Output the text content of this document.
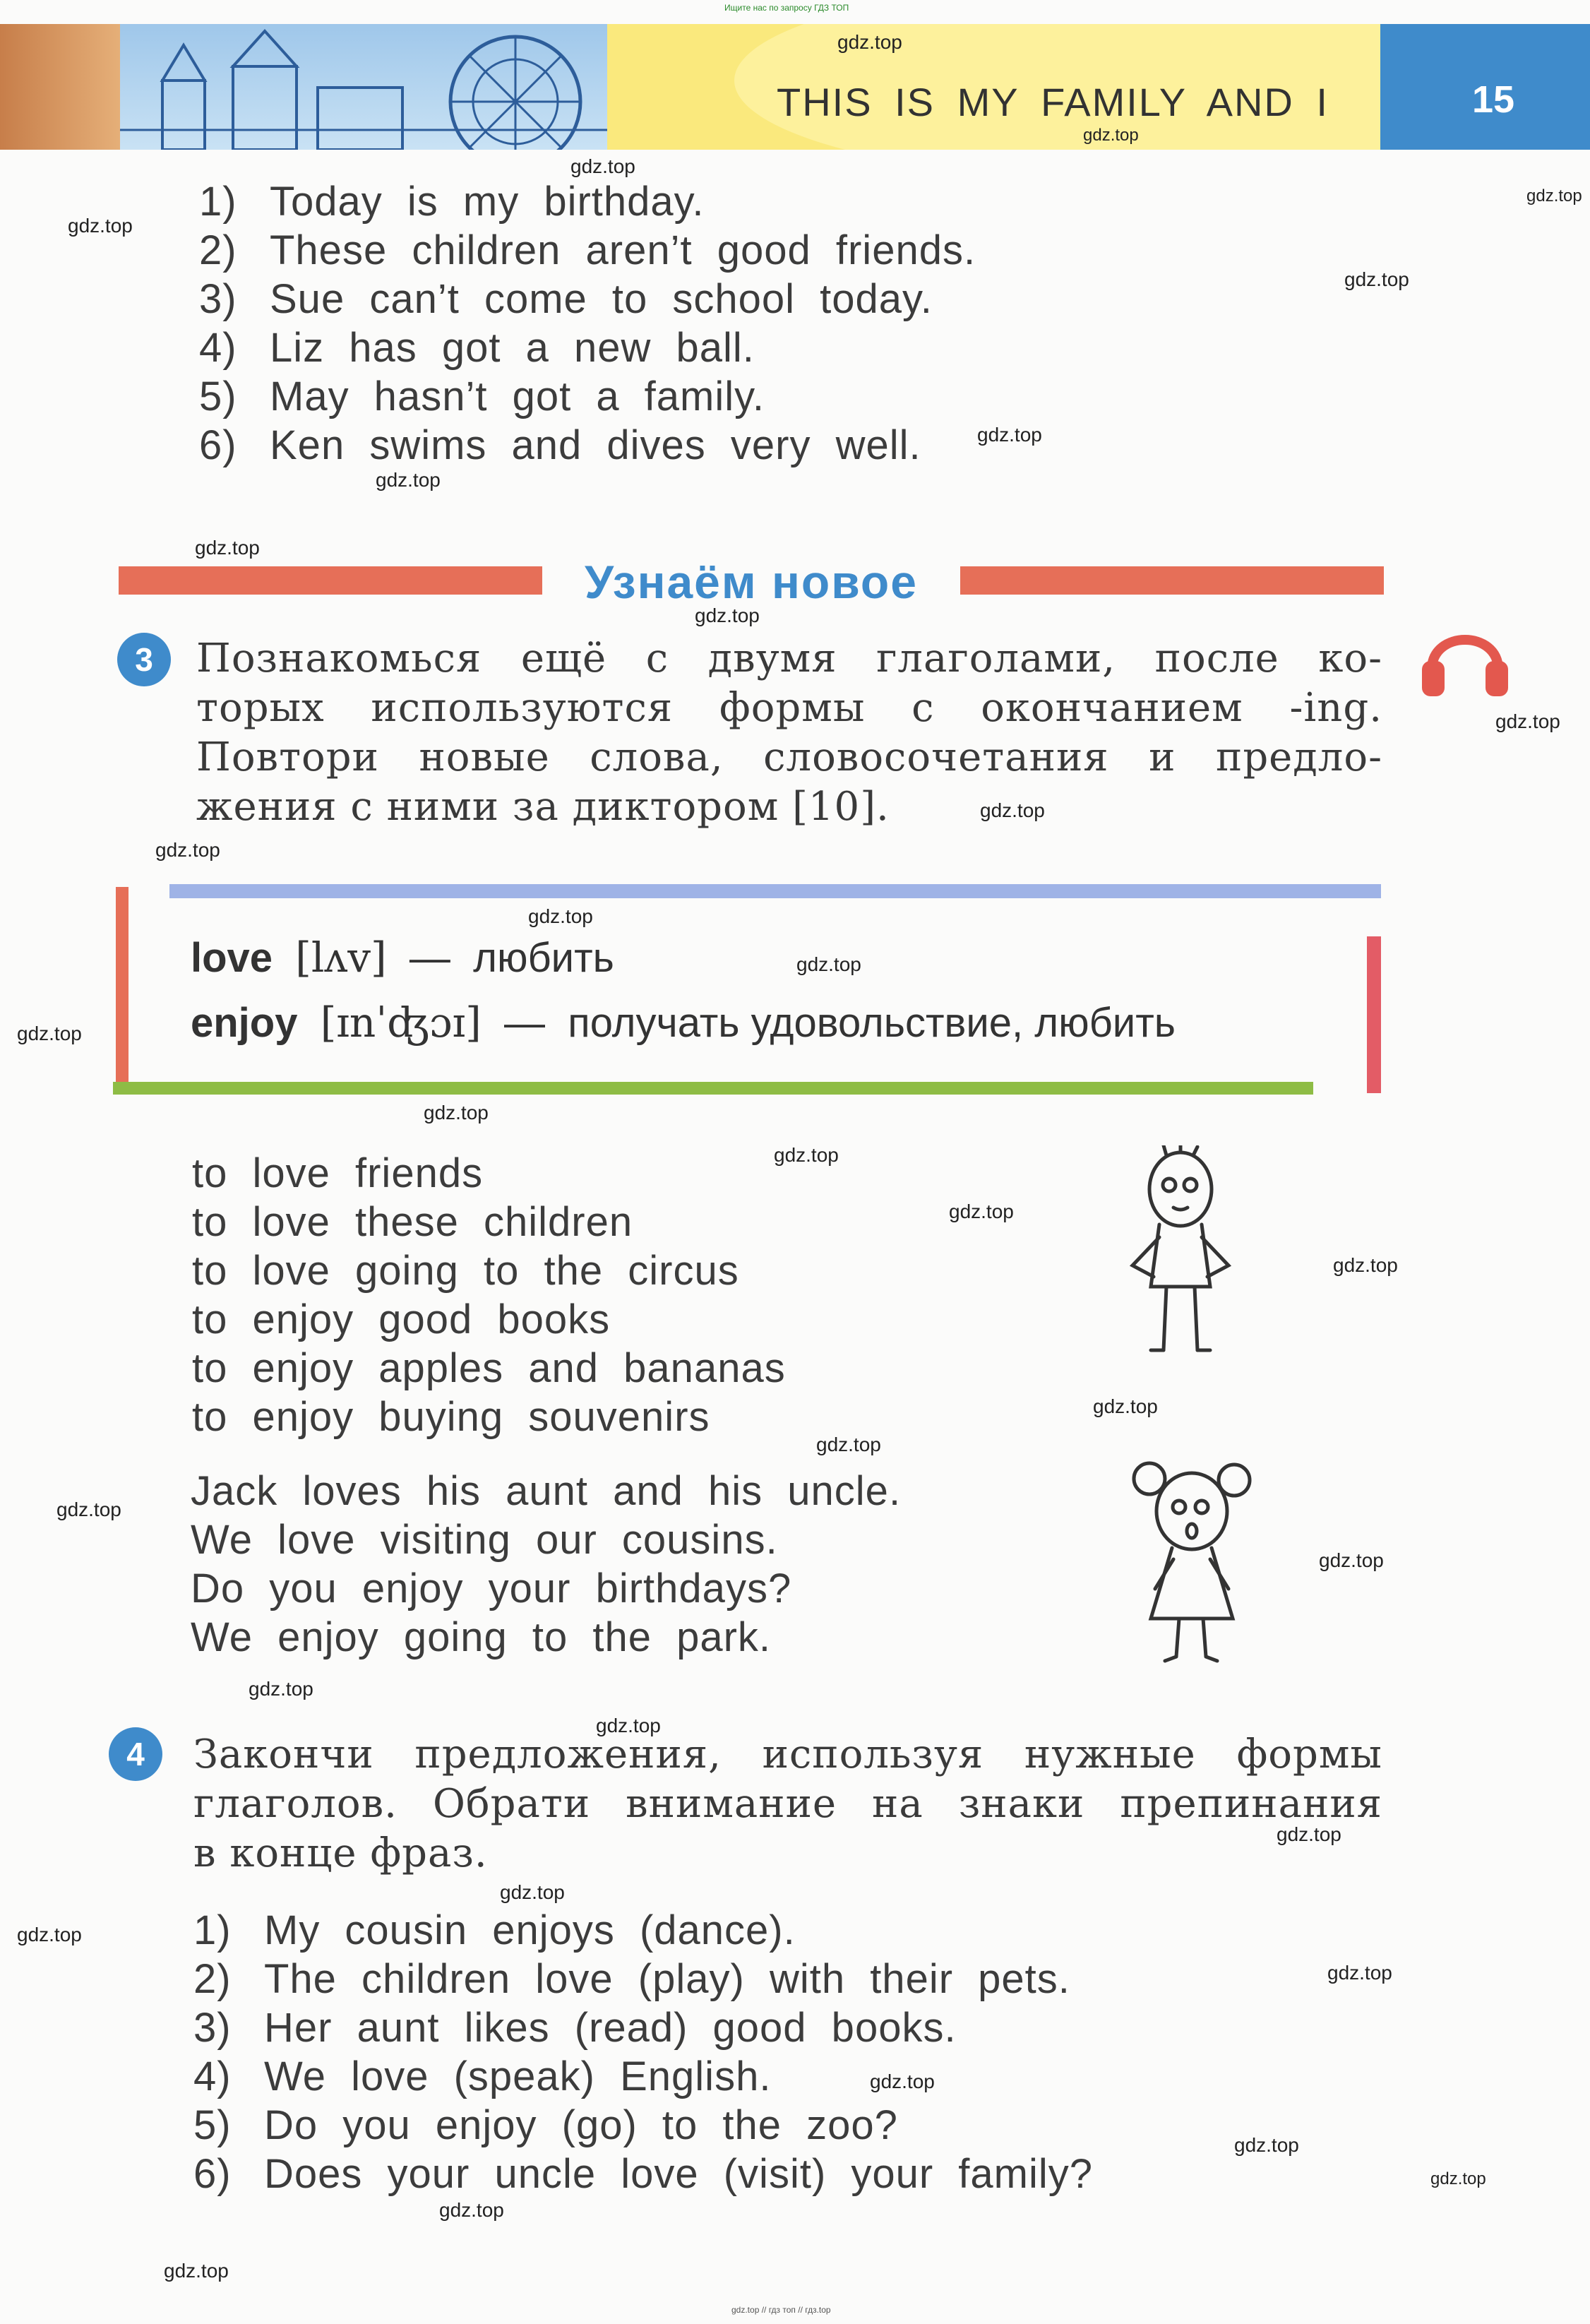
Ищите нас по запросу ГДЗ ТОП
THIS IS MY FAMILY AND I	15
1) Today is my birthday.
2) These children aren’t good friends.
3) Sue can’t come to school today.
4) Liz has got a new ball.
5) May hasn’t got a family.
6) Ken swims and dives very well.
Узнаём новое
3	Познакомься ещё с двумя глаголами, после ко-
торых используются формы с окончанием -ing.
Повтори новые слова, словосочетания и предло-
жения с ними за диктором [10].
love [lʌv] — любить
enjoy [ɪnˈʤɔɪ] — получать удовольствие, любить
to love friends
to love these children
to love going to the circus
to enjoy good books
to enjoy apples and bananas
to enjoy buying souvenirs
Jack loves his aunt and his uncle.
We love visiting our cousins.
Do you enjoy your birthdays?
We enjoy going to the park.
4	Закончи предложения, используя нужные формы
глаголов. Обрати внимание на знаки препинания
в конце фраз.
1) My cousin enjoys (dance).
2) The children love (play) with their pets.
3) Her aunt likes (read) good books.
4) We love (speak) English.
5) Do you enjoy (go) to the zoo?
6) Does your uncle love (visit) your family?
gdz.top
gdz.top
gdz.top
gdz.top
gdz.top
gdz.top
gdz.top
gdz.top
gdz.top
gdz.top
gdz.top
gdz.top
gdz.top
gdz.top
gdz.top
gdz.top
gdz.top
gdz.top
gdz.top
gdz.top
gdz.top
gdz.top
gdz.top
gdz.top
gdz.top
gdz.top
gdz.top
gdz.top
gdz.top
gdz.top
gdz.top
gdz.top
gdz.top
gdz.top
gdz.top
gdz.top // гдз топ // гдз.top
